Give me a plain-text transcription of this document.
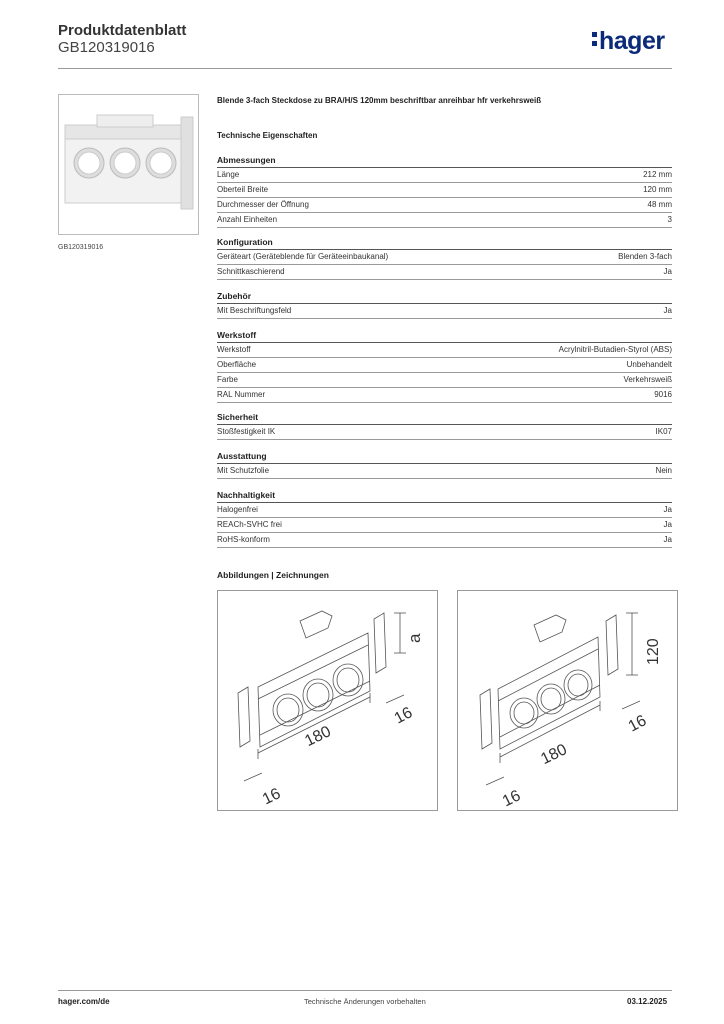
Produktdatenblatt
GB120319016	hager
GB120319016
Blende 3-fach Steckdose zu BRA/H/S 120mm beschriftbar anreihbar hfr verkehrsweiß
Technische Eigenschaften
Abmessungen
Länge	212 mm
Oberteil Breite	120 mm
Durchmesser der Öffnung	48 mm
Anzahl Einheiten	3
Konfiguration
Geräteart (Geräteblende für Geräteeinbaukanal)	Blenden 3-fach
Schnittkaschierend	Ja
Zubehör
Mit Beschriftungsfeld	Ja
Werkstoff
Werkstoff	Acrylnitril-Butadien-Styrol (ABS)
Oberfläche	Unbehandelt
Farbe	Verkehrsweiß
RAL Nummer	9016
Sicherheit
Stoßfestigkeit IK	IK07
Ausstattung
Mit Schutzfolie	Nein
Nachhaltigkeit
Halogenfrei	Ja
REACh-SVHC frei	Ja
RoHS-konform	Ja
Abbildungen | Zeichnungen
a
16
180
16
120
16
180
16
hager.com/de	Technische Änderungen vorbehalten	03.12.2025
